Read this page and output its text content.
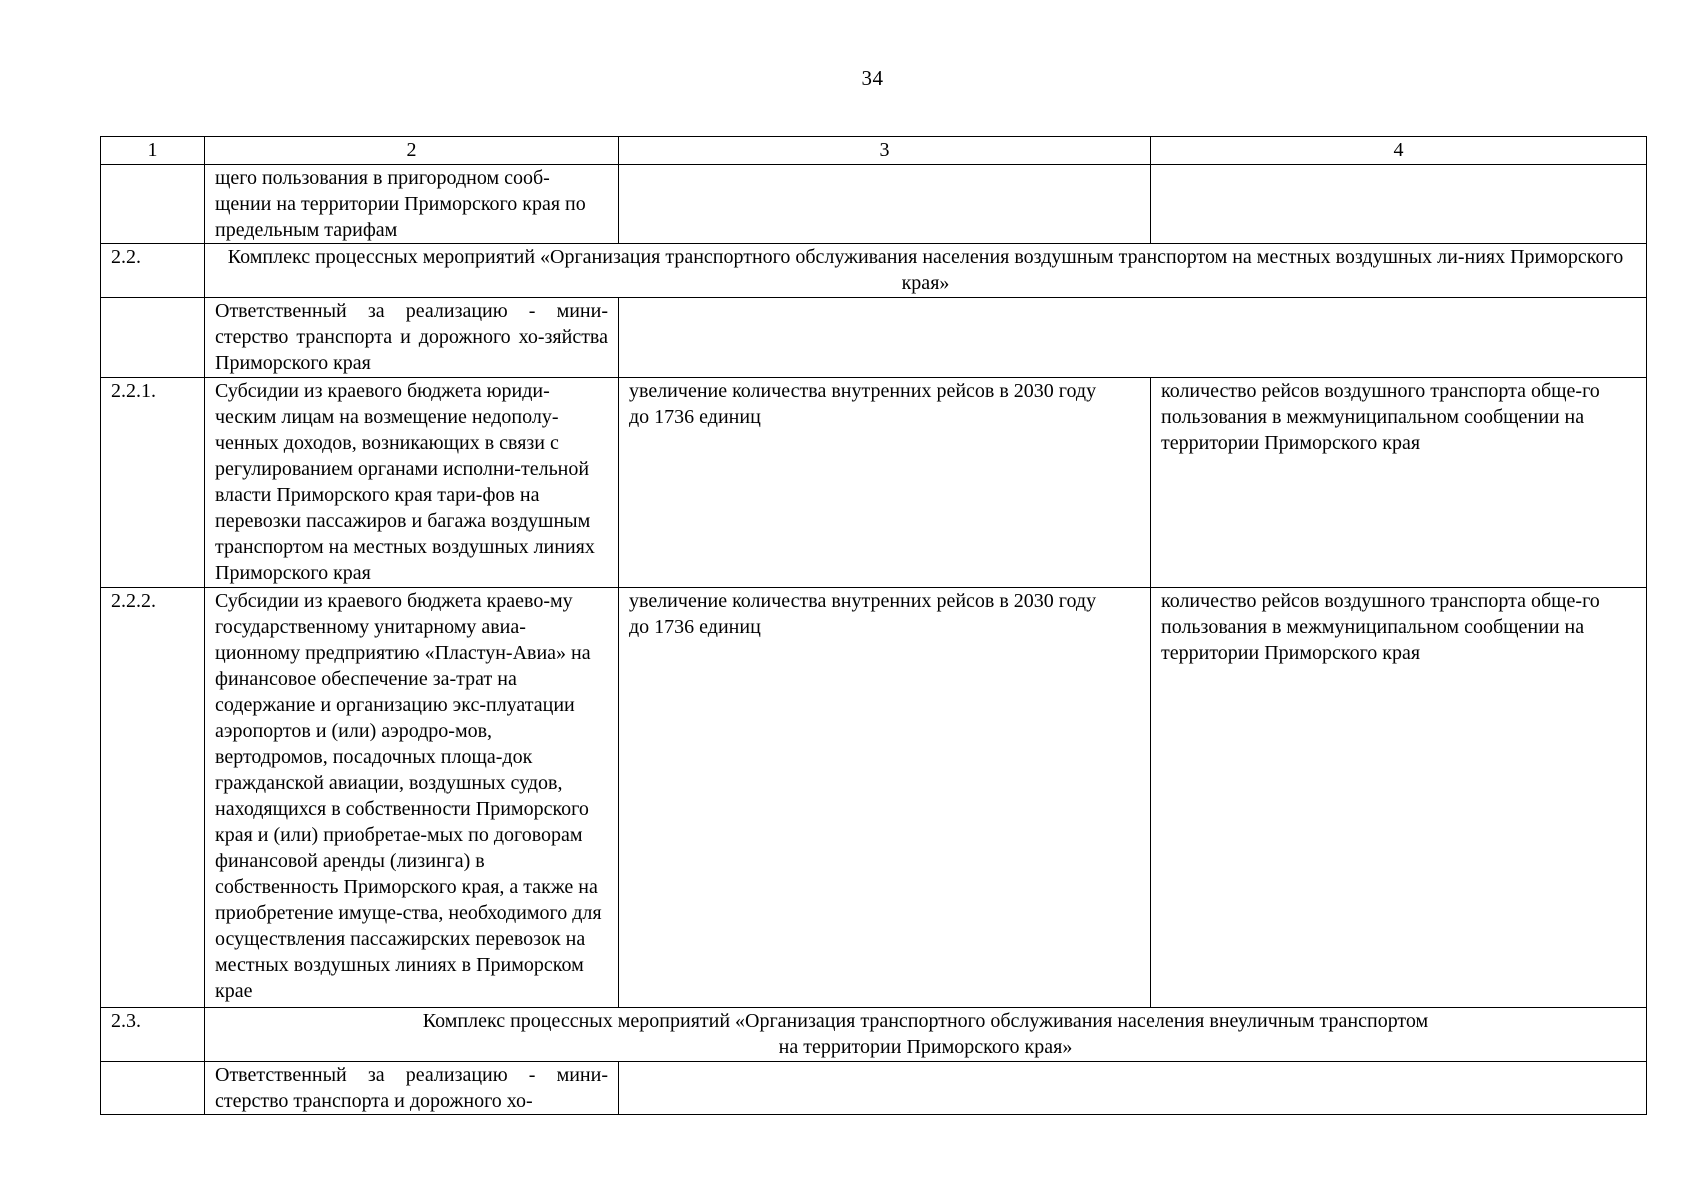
34
1	2	3	4

	щего пользования в пригородном сооб-щении на территории Приморского края по предельным тарифам		

2.2.	Комплекс процессных мероприятий «Организация транспортного обслуживания населения воздушным транспортом на местных воздушных ли-ниях Приморского края»		
	Ответственный за реализацию - мини-стерство транспорта и дорожного хо-зяйства Приморского края		
2.2.1.	Субсидии из краевого бюджета юриди-ческим лицам на возмещение недополу-ченных доходов, возникающих в связи с регулированием органами исполни-тельной власти Приморского края тари-фов на перевозки пассажиров и багажа воздушным транспортом на местных воздушных линиях Приморского края	увеличение количества внутренних рейсов в 2030 году до 1736 единиц	количество рейсов воздушного транспорта обще-го пользования в межмуниципальном сообщении на территории Приморского края
2.2.2.	Субсидии из краевого бюджета краево-му государственному унитарному авиа-ционному предприятию «Пластун-Авиа» на финансовое обеспечение за-трат на содержание и организацию экс-плуатации аэропортов и (или) аэродро-мов, вертодромов, посадочных площа-док гражданской авиации, воздушных судов, находящихся в собственности Приморского края и (или) приобретае-мых по договорам финансовой аренды (лизинга) в собственность Приморского края, а также на приобретение имуще-ства, необходимого для осуществления пассажирских перевозок на местных воздушных линиях в Приморском крае	увеличение количества внутренних рейсов в 2030 году до 1736 единиц	количество рейсов воздушного транспорта обще-го пользования в межмуниципальном сообщении на территории Приморского края
2.3.	Комплекс процессных мероприятий «Организация транспортного обслуживания населения внеуличным транспортом
на территории Приморского края»		

	Ответственный за реализацию - мини-стерство транспорта и дорожного хо-		
